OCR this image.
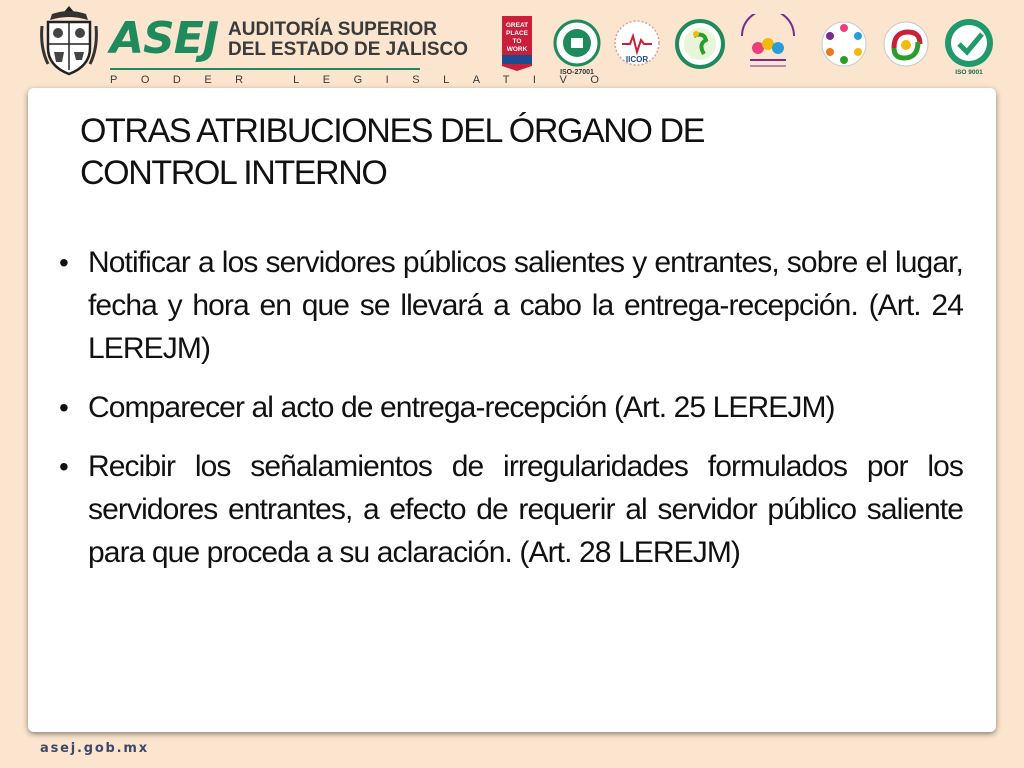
ASEJ AUDITORÍA SUPERIOR
DEL ESTADO DE JALISCO
PODER LEGISLATIVO
GREAT
PLACE
TO
WORK
ISO-27001
IICOR
ISO 9001
OTRAS ATRIBUCIONES DEL ÓRGANO DE
CONTROL INTERNO
• Notificar a los servidores públicos salientes y entrantes, sobre el lugar, fecha y hora en que se llevará a cabo la entrega-recepción. (Art. 24 LEREJM)
• Comparecer al acto de entrega-recepción (Art. 25 LEREJM)
• Recibir los señalamientos de irregularidades formulados por los servidores entrantes, a efecto de requerir al servidor público saliente para que proceda a su aclaración. (Art. 28 LEREJM)
asej.gob.mx
